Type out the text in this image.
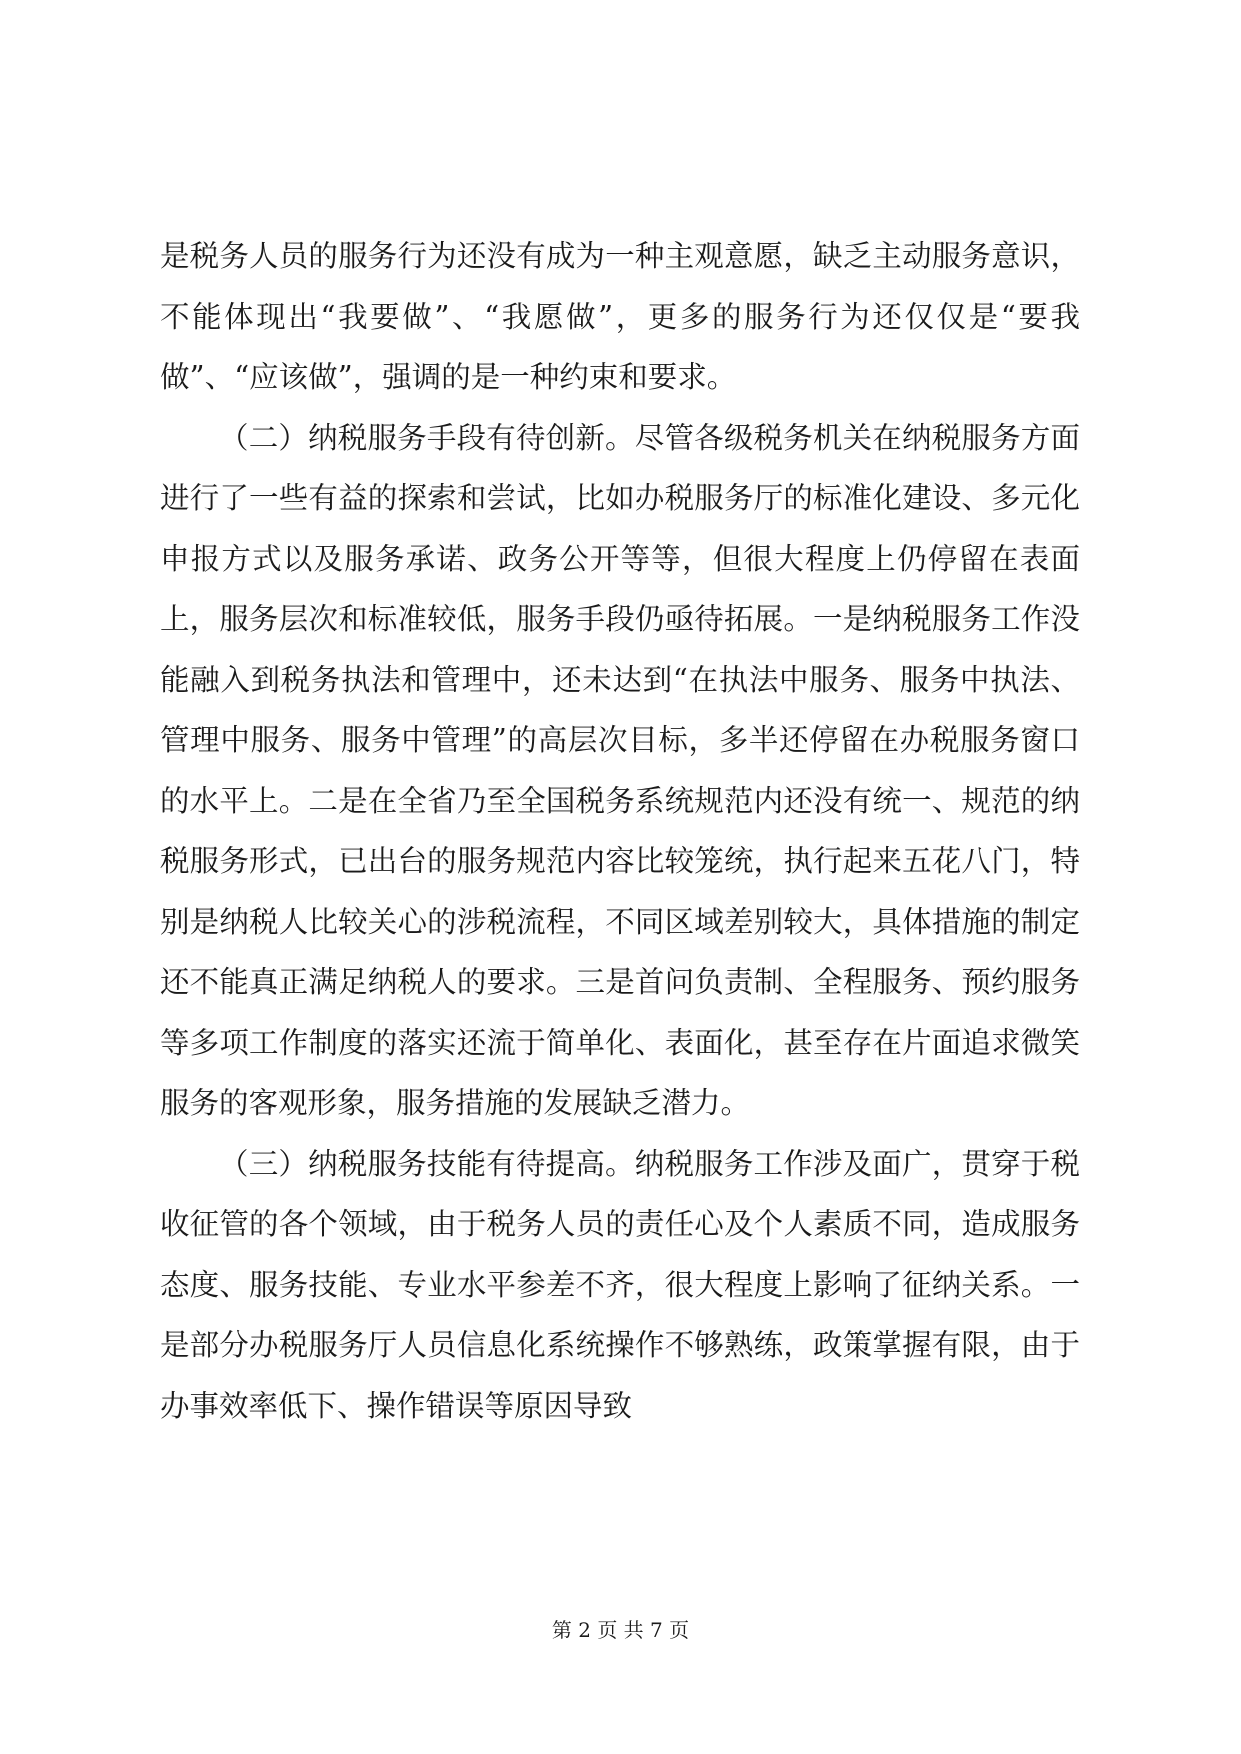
是税务人员的服务行为还没有成为一种主观意愿，缺乏主动服务意识，不能体现出“我要做”、“我愿做”，更多的服务行为还仅仅是“要我做”、“应该做”，强调的是一种约束和要求。

（二）纳税服务手段有待创新。尽管各级税务机关在纳税服务方面进行了一些有益的探索和尝试，比如办税服务厅的标准化建设、多元化申报方式以及服务承诺、政务公开等等，但很大程度上仍停留在表面上，服务层次和标准较低，服务手段仍亟待拓展。一是纳税服务工作没能融入到税务执法和管理中，还未达到“在执法中服务、服务中执法、管理中服务、服务中管理”的高层次目标，多半还停留在办税服务窗口的水平上。二是在全省乃至全国税务系统规范内还没有统一、规范的纳税服务形式，已出台的服务规范内容比较笼统，执行起来五花八门，特别是纳税人比较关心的涉税流程，不同区域差别较大，具体措施的制定还不能真正满足纳税人的要求。三是首问负责制、全程服务、预约服务等多项工作制度的落实还流于简单化、表面化，甚至存在片面追求微笑服务的客观形象，服务措施的发展缺乏潜力。

（三）纳税服务技能有待提高。纳税服务工作涉及面广，贯穿于税收征管的各个领域，由于税务人员的责任心及个人素质不同，造成服务态度、服务技能、专业水平参差不齐，很大程度上影响了征纳关系。一是部分办税服务厅人员信息化系统操作不够熟练，政策掌握有限，由于办事效率低下、操作错误等原因导致

第 2 页 共 7 页
